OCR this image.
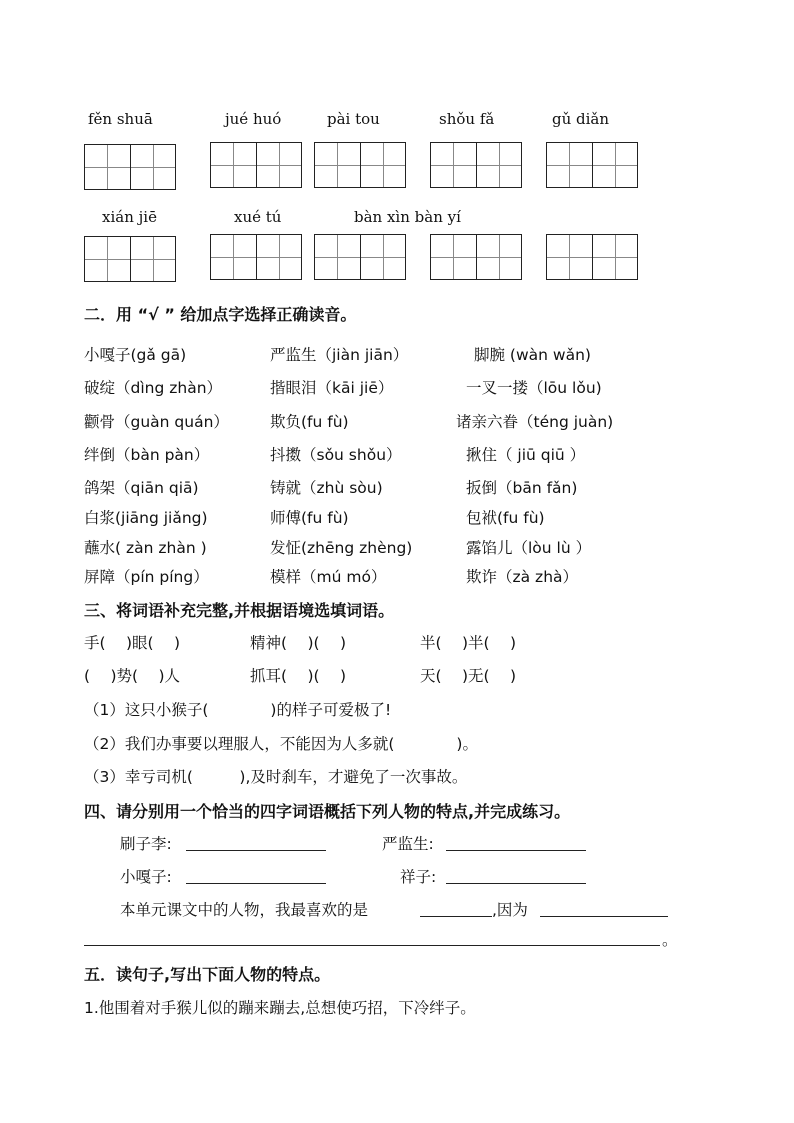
fěn shuā	jué huó	pài tou	shǒu fǎ	gǔ diǎn
xián jiē	xué tú	bàn xìn bàn yí
二．用 “√ ” 给加点字选择正确读音。
小嘎子(gǎ gā)	严监生（jiàn jiān）	脚腕 (wàn wǎn)
破绽（dìng zhàn）	揩眼泪（kāi jiē）	一叉一搂（lōu lǒu)
颧骨（guàn quán）	欺负(fu fù)	诸亲六眷（téng juàn)
绊倒（bàn pàn）	抖擞（sǒu shǒu）	揪住（ jiū qiū ）
鸽架（qiān qiā)	铸就（zhù sòu)	扳倒（bān fǎn)
白浆(jiāng jiǎng)	师傅(fu fù)	包袱(fu fù)
蘸水( zàn zhàn )	发怔(zhēng zhèng)	露馅儿（lòu lù ）
屏障（pín píng）	模样（mú mó）	欺诈（zà zhà）
三、将词语补充完整,并根据语境选填词语。
手(　 )眼(　 )	精神(　 )(　 )	半(　 )半(　 )
(　 )势(　 )人	抓耳(　 )(　 )	天(　 )无(　 )
（1）这只小猴子(　　　　)的样子可爱极了!
（2）我们办事要以理服人，不能因为人多就(　　　　)。
（3）幸亏司机(　　　),及时刹车，才避免了一次事故。
四、请分别用一个恰当的四字词语概括下列人物的特点,并完成练习。
刷子李:	严监生:
小嘎子:	祥子:
本单元课文中的人物，我最喜欢的是	,因为
。
五．读句子,写出下面人物的特点。
1.他围着对手猴儿似的蹦来蹦去,总想使巧招，下冷绊子。
